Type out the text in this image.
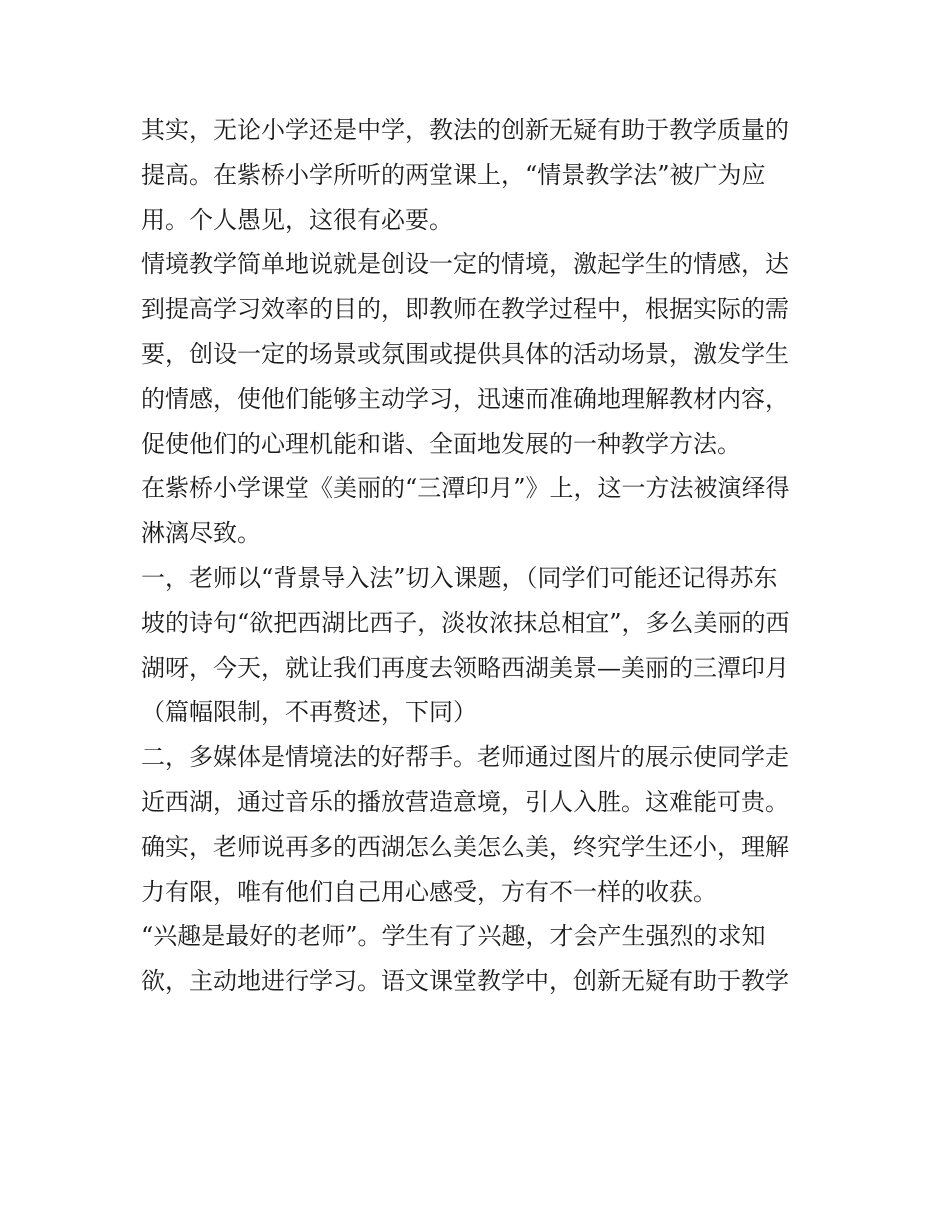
其实，无论小学还是中学，教法的创新无疑有助于教学质量的
提高。在紫桥小学所听的两堂课上，“情景教学法”被广为应
用。个人愚见，这很有必要。
情境教学简单地说就是创设一定的情境，激起学生的情感，达
到提高学习效率的目的，即教师在教学过程中，根据实际的需
要，创设一定的场景或氛围或提供具体的活动场景，激发学生
的情感，使他们能够主动学习，迅速而准确地理解教材内容，
促使他们的心理机能和谐、全面地发展的一种教学方法。
在紫桥小学课堂《美丽的“三潭印月”》上，这一方法被演绎得
淋漓尽致。
一，老师以“背景导入法”切入课题，（同学们可能还记得苏东
坡的诗句“欲把西湖比西子，淡妆浓抹总相宜”，多么美丽的西
湖呀，今天，就让我们再度去领略西湖美景—美丽的三潭印月
（篇幅限制，不再赘述，下同）
二，多媒体是情境法的好帮手。老师通过图片的展示使同学走
近西湖，通过音乐的播放营造意境，引人入胜。这难能可贵。
确实，老师说再多的西湖怎么美怎么美，终究学生还小，理解
力有限，唯有他们自己用心感受，方有不一样的收获。
“兴趣是最好的老师”。学生有了兴趣，才会产生强烈的求知
欲，主动地进行学习。语文课堂教学中，创新无疑有助于教学
